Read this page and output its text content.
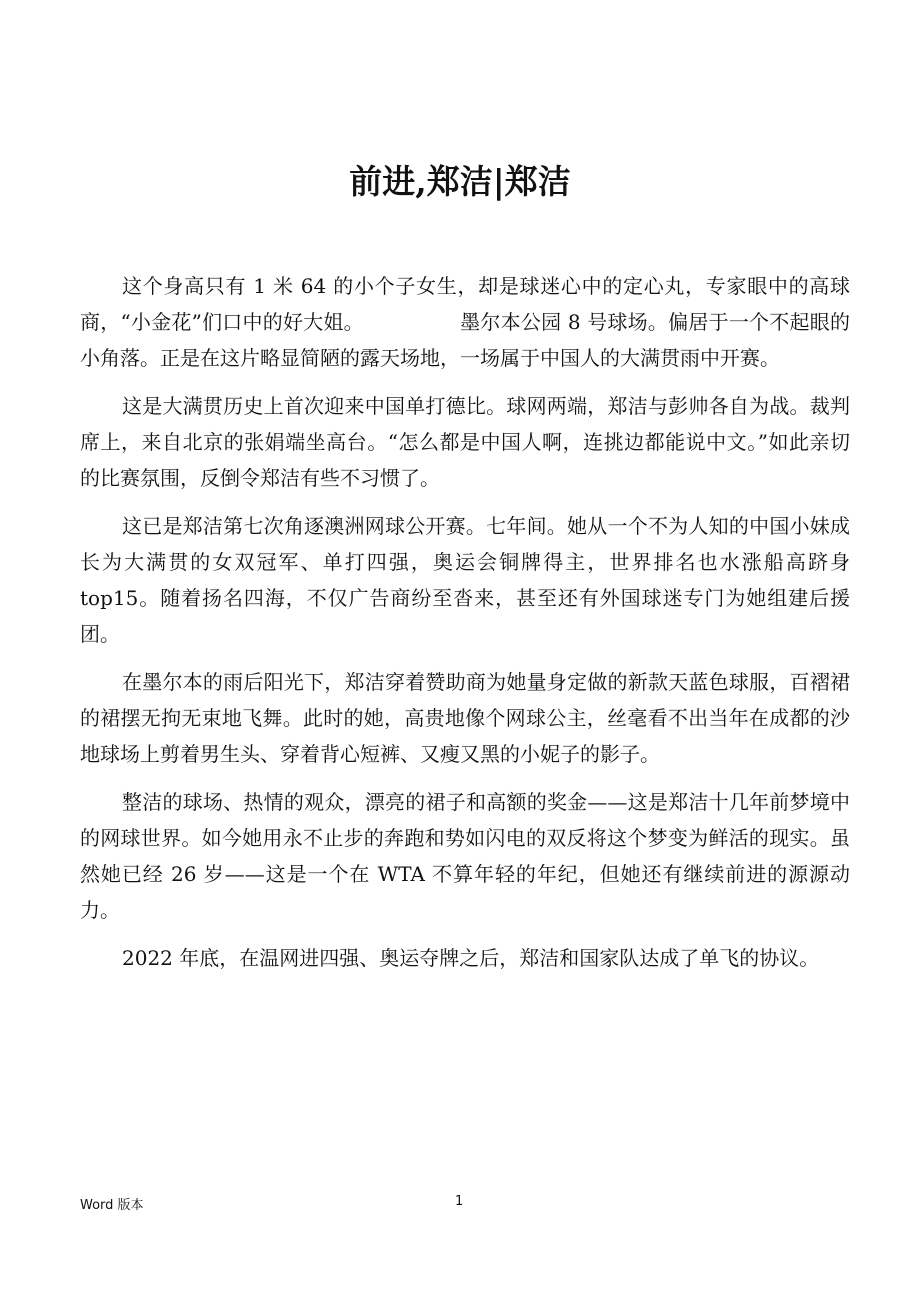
前进,郑洁|郑洁

这个身高只有 1 米 64 的小个子女生，却是球迷心中的定心丸，专家眼中的高球商，“小金花”们口中的好大姐。	墨尔本公园 8 号球场。偏居于一个不起眼的小角落。正是在这片略显简陋的露天场地，一场属于中国人的大满贯雨中开赛。

这是大满贯历史上首次迎来中国单打德比。球网两端，郑洁与彭帅各自为战。裁判席上，来自北京的张娟端坐高台。“怎么都是中国人啊，连挑边都能说中文。”如此亲切的比赛氛围，反倒令郑洁有些不习惯了。

这已是郑洁第七次角逐澳洲网球公开赛。七年间。她从一个不为人知的中国小妹成长为大满贯的女双冠军、单打四强，奥运会铜牌得主，世界排名也水涨船高跻身 top15。随着扬名四海，不仅广告商纷至沓来，甚至还有外国球迷专门为她组建后援团。

在墨尔本的雨后阳光下，郑洁穿着赞助商为她量身定做的新款天蓝色球服，百褶裙的裙摆无拘无束地飞舞。此时的她，高贵地像个网球公主，丝毫看不出当年在成都的沙地球场上剪着男生头、穿着背心短裤、又瘦又黑的小妮子的影子。

整洁的球场、热情的观众，漂亮的裙子和高额的奖金——这是郑洁十几年前梦境中的网球世界。如今她用永不止步的奔跑和势如闪电的双反将这个梦变为鲜活的现实。虽然她已经 26 岁——这是一个在 WTA 不算年轻的年纪，但她还有继续前进的源源动力。

2022 年底，在温网进四强、奥运夺牌之后，郑洁和国家队达成了单飞的协议。

Word 版本	1
